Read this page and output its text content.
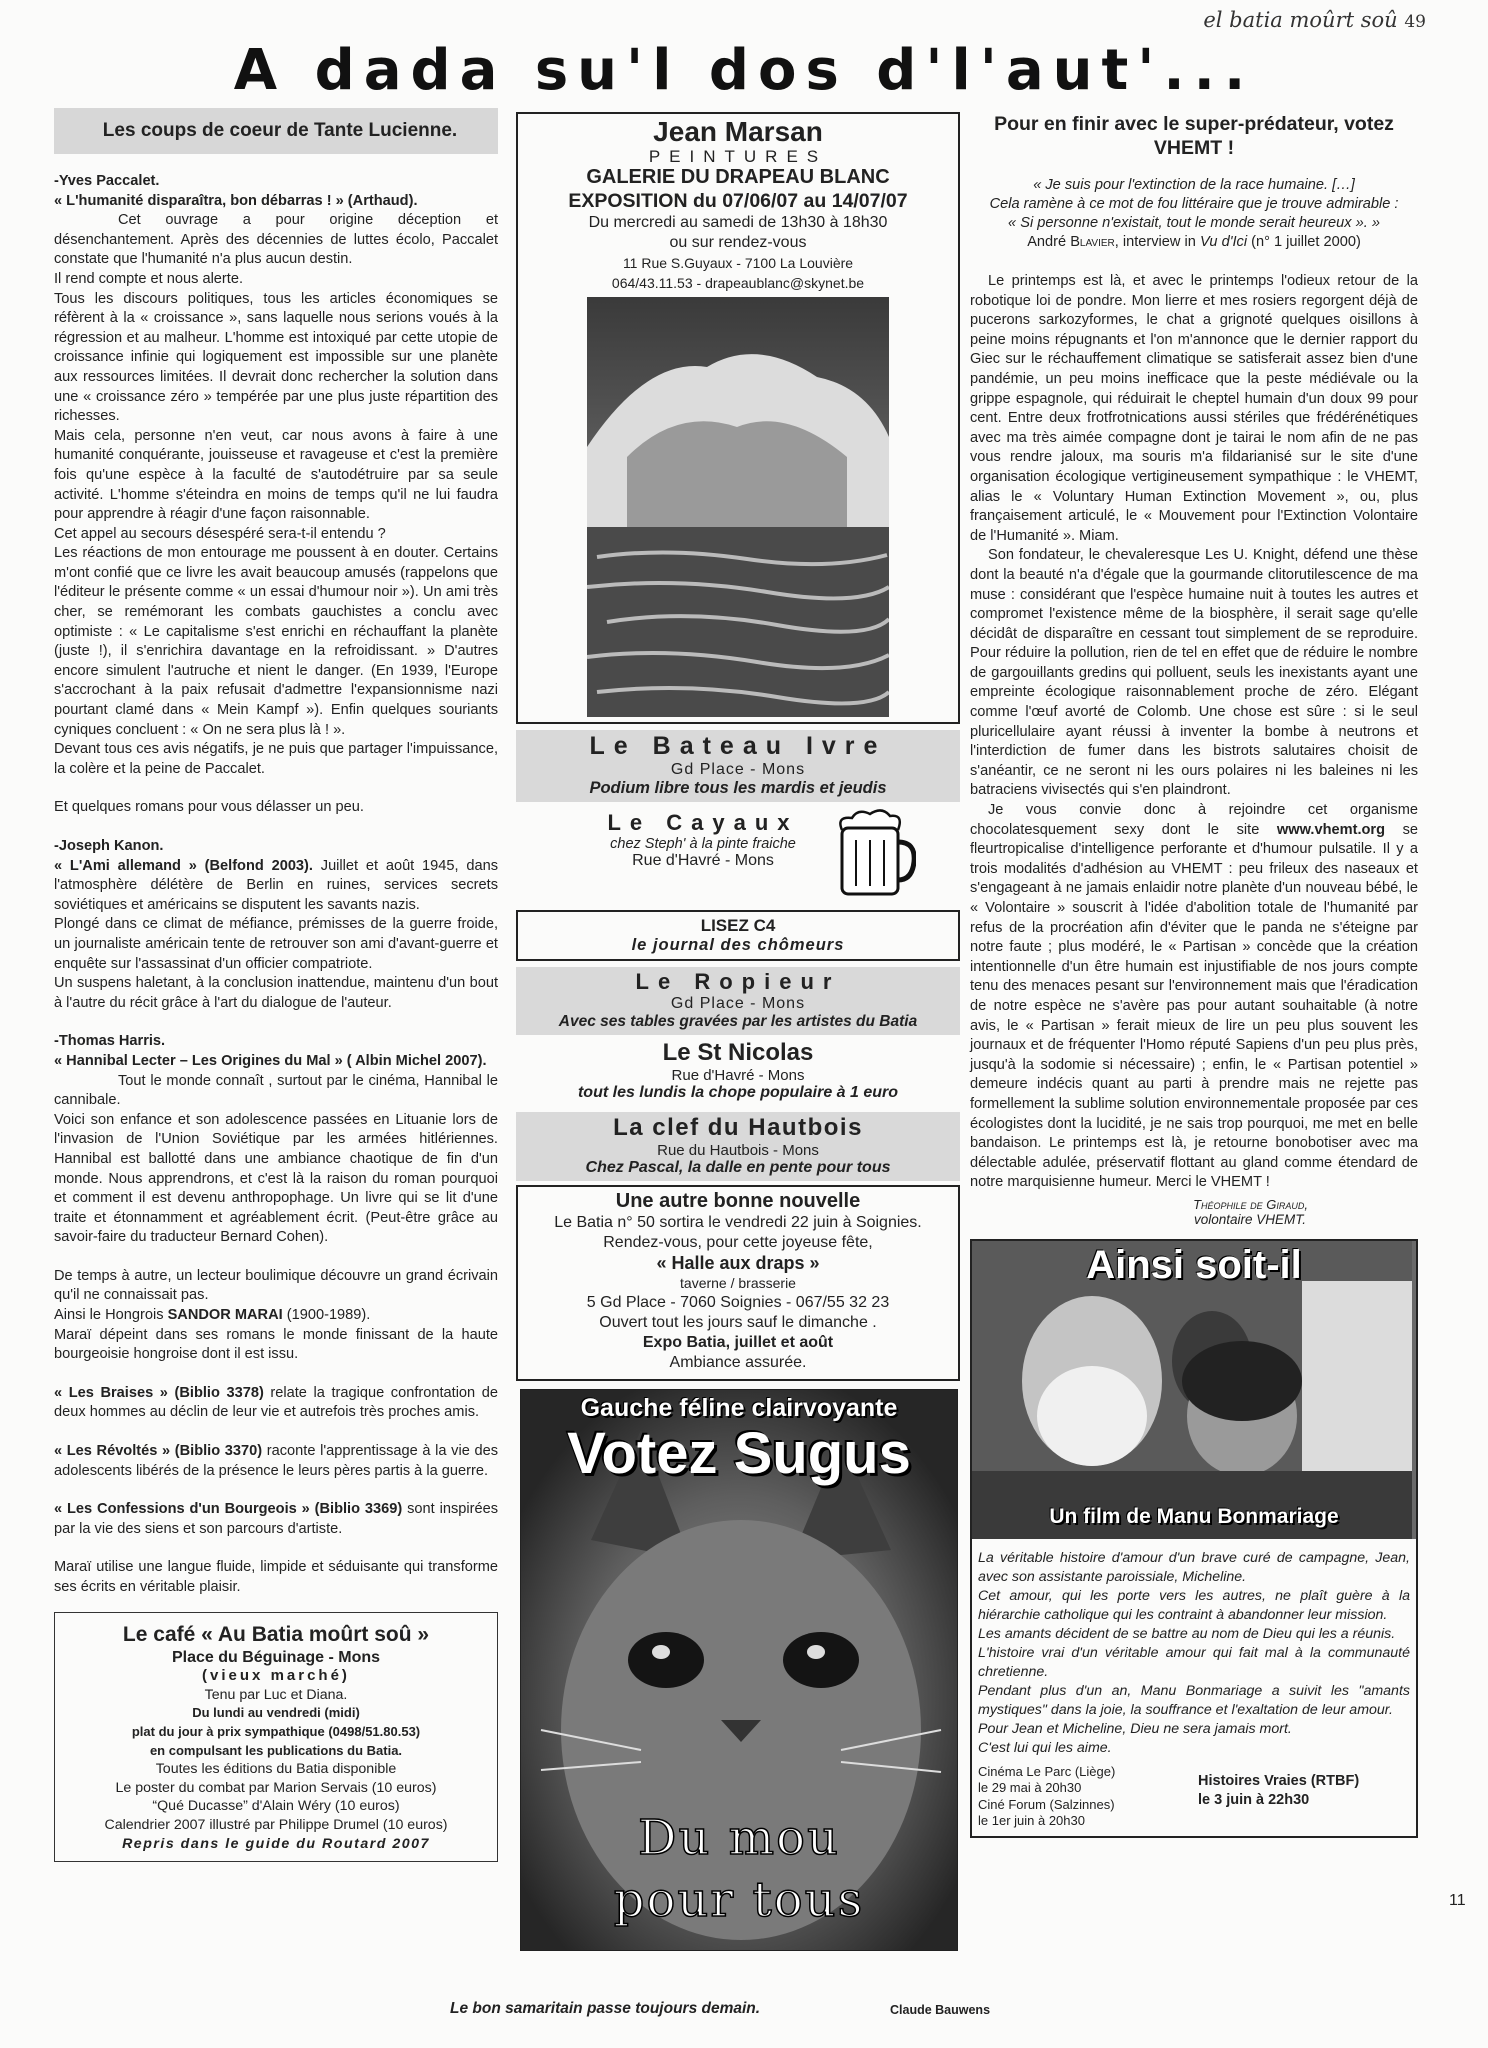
el batia moûrt soû 49
A dada su'l dos d'l'aut'...
Les coups de coeur de Tante Lucienne.

-Yves Paccalet.

« L'humanité disparaîtra, bon débarras ! » (Arthaud).

Cet ouvrage a pour origine déception et désenchantement. Après des décennies de luttes écolo, Paccalet constate que l'humanité n'a plus aucun destin.

Il rend compte et nous alerte.

Tous les discours politiques, tous les articles économiques se réfèrent à la « croissance », sans laquelle nous serions voués à la régression et au malheur. L'homme est intoxiqué par cette utopie de croissance infinie qui logiquement est impossible sur une planète aux ressources limitées. Il devrait donc rechercher la solution dans une « croissance zéro » tempérée par une plus juste répartition des richesses.

Mais cela, personne n'en veut, car nous avons à faire à une humanité conquérante, jouisseuse et ravageuse et c'est la première fois qu'une espèce à la faculté de s'autodétruire par sa seule activité. L'homme s'éteindra en moins de temps qu'il ne lui faudra pour apprendre à réagir d'une façon raisonnable.

Cet appel au secours désespéré sera-t-il entendu ?

Les réactions de mon entourage me poussent à en douter. Certains m'ont confié que ce livre les avait beaucoup amusés (rappelons que l'éditeur le présente comme « un essai d'humour noir »). Un ami très cher, se remémorant les combats gauchistes a conclu avec optimiste : « Le capitalisme s'est enrichi en réchauffant la planète (juste !), il s'enrichira davantage en la refroidissant. » D'autres encore simulent l'autruche et nient le danger. (En 1939, l'Europe s'accrochant à la paix refusait d'admettre l'expansionnisme nazi pourtant clamé dans « Mein Kampf »). Enfin quelques souriants cyniques concluent : « On ne sera plus là ! ».

Devant tous ces avis négatifs, je ne puis que partager l'impuissance, la colère et la peine de Paccalet.

Et quelques romans pour vous délasser un peu.

-Joseph Kanon.

« L'Ami allemand » (Belfond 2003). Juillet et août 1945, dans l'atmosphère délétère de Berlin en ruines, services secrets soviétiques et américains se disputent les savants nazis.

Plongé dans ce climat de méfiance, prémisses de la guerre froide, un journaliste américain tente de retrouver son ami d'avant-guerre et enquête sur l'assassinat d'un officier compatriote.

Un suspens haletant, à la conclusion inattendue, maintenu d'un bout à l'autre du récit grâce à l'art du dialogue de l'auteur.

-Thomas Harris.

« Hannibal Lecter – Les Origines du Mal » ( Albin Michel 2007).

Tout le monde connaît , surtout par le cinéma, Hannibal le cannibale.

Voici son enfance et son adolescence passées en Lituanie lors de l'invasion de l'Union Soviétique par les armées hitlériennes. Hannibal est ballotté dans une ambiance chaotique de fin d'un monde. Nous apprendrons, et c'est là la raison du roman pourquoi et comment il est devenu anthropophage. Un livre qui se lit d'une traite et étonnamment et agréablement écrit. (Peut-être grâce au savoir-faire du traducteur Bernard Cohen).

De temps à autre, un lecteur boulimique découvre un grand écrivain qu'il ne connaissait pas.

Ainsi le Hongrois SANDOR MARAI (1900-1989).

Maraï dépeint dans ses romans le monde finissant de la haute bourgeoisie hongroise dont il est issu.

« Les Braises » (Biblio 3378) relate la tragique confrontation de deux hommes au déclin de leur vie et autrefois très proches amis.

« Les Révoltés » (Biblio 3370) raconte l'apprentissage à la vie des adolescents libérés de la présence le leurs pères partis à la guerre.

« Les Confessions d'un Bourgeois » (Biblio 3369) sont inspirées par la vie des siens et son parcours d'artiste.

Maraï utilise une langue fluide, limpide et séduisante qui transforme ses écrits en véritable plaisir.

Le café « Au Batia moûrt soû »
Place du Béguinage - Mons
(vieux marché)
Tenu par Luc et Diana.
Du lundi au vendredi (midi)
plat du jour à prix sympathique (0498/51.80.53)
en compulsant les publications du Batia.
Toutes les éditions du Batia disponible
Le poster du combat par Marion Servais (10 euros)
“Qué Ducasse” d'Alain Wéry (10 euros)
Calendrier 2007 illustré par Philippe Drumel (10 euros)
Repris dans le guide du Routard 2007
Jean Marsan
PEINTURES
GALERIE DU DRAPEAU BLANC
EXPOSITION du 07/06/07 au 14/07/07
Du mercredi au samedi de 13h30 à 18h30
ou sur rendez-vous
11 Rue S.Guyaux - 7100 La Louvière
064/43.11.53 - drapeaublanc@skynet.be
Le Bateau Ivre
Gd Place - Mons
Podium libre tous les mardis et jeudis
Le Cayaux
chez Steph' à la pinte fraiche
Rue d'Havré - Mons
LISEZ C4
le journal des chômeurs
Le Ropieur
Gd Place - Mons
Avec ses tables gravées par les artistes du Batia
Le St Nicolas
Rue d'Havré - Mons
tout les lundis la chope populaire à 1 euro
La clef du Hautbois
Rue du Hautbois - Mons
Chez Pascal, la dalle en pente pour tous
Une autre bonne nouvelle
Le Batia n° 50 sortira le vendredi 22 juin à Soignies.
Rendez-vous, pour cette joyeuse fête,
« Halle aux draps »
taverne / brasserie
5 Gd Place - 7060 Soignies - 067/55 32 23
Ouvert tout les jours sauf le dimanche .
Expo Batia, juillet et août
Ambiance assurée.
Gauche féline clairvoyante
Votez Sugus
Du mou
pour tous
Pour en finir avec le super-prédateur, votez VHEMT !
« Je suis pour l'extinction de la race humaine. […]
Cela ramène à ce mot de fou littéraire que je trouve admirable :
« Si personne n'existait, tout le monde serait heureux ». »
André Blavier, interview in Vu d'Ici (n° 1 juillet 2000)

Le printemps est là, et avec le printemps l'odieux retour de la robotique loi de pondre. Mon lierre et mes rosiers regorgent déjà de pucerons sarkozyformes, le chat a grignoté quelques oisillons à peine moins répugnants et l'on m'annonce que le dernier rapport du Giec sur le réchauffement climatique se satisferait assez bien d'une pandémie, un peu moins inefficace que la peste médiévale ou la grippe espagnole, qui réduirait le cheptel humain d'un doux 99 pour cent. Entre deux frotfrotnications aussi stériles que frédérénétiques avec ma très aimée compagne dont je tairai le nom afin de ne pas vous rendre jaloux, ma souris m'a fildarianisé sur le site d'une organisation écologique vertigineusement sympathique : le VHEMT, alias le « Voluntary Human Extinction Movement », ou, plus françaisement articulé, le « Mouvement pour l'Extinction Volontaire de l'Humanité ». Miam.

Son fondateur, le chevaleresque Les U. Knight, défend une thèse dont la beauté n'a d'égale que la gourmande clitorutilescence de ma muse : considérant que l'espèce humaine nuit à toutes les autres et compromet l'existence même de la biosphère, il serait sage qu'elle décidât de disparaître en cessant tout simplement de se reproduire. Pour réduire la pollution, rien de tel en effet que de réduire le nombre de gargouillants gredins qui polluent, seuls les inexistants ayant une empreinte écologique raisonnablement proche de zéro. Elégant comme l'œuf avorté de Colomb. Une chose est sûre : si le seul pluricellulaire ayant réussi à inventer la bombe à neutrons et l'interdiction de fumer dans les bistrots salutaires choisit de s'anéantir, ce ne seront ni les ours polaires ni les baleines ni les batraciens vivisectés qui s'en plaindront.

Je vous convie donc à rejoindre cet organisme chocolatesquement sexy dont le site www.vhemt.org se fleurtropicalise d'intelligence perforante et d'humour pulsatile. Il y a trois modalités d'adhésion au VHEMT : peu frileux des naseaux et s'engageant à ne jamais enlaidir notre planète d'un nouveau bébé, le « Volontaire » souscrit à l'idée d'abolition totale de l'humanité par refus de la procréation afin d'éviter que le panda ne s'éteigne par notre faute ; plus modéré, le « Partisan » concède que la création intentionnelle d'un être humain est injustifiable de nos jours compte tenu des menaces pesant sur l'environnement mais que l'éradication de notre espèce ne s'avère pas pour autant souhaitable (à notre avis, le « Partisan » ferait mieux de lire un peu plus souvent les journaux et de fréquenter l'Homo réputé Sapiens d'un peu plus près, jusqu'à la sodomie si nécessaire) ; enfin, le « Partisan potentiel » demeure indécis quant au parti à prendre mais ne rejette pas formellement la sublime solution environnementale proposée par ces écologistes dont la lucidité, je ne sais trop pourquoi, me met en belle bandaison. Le printemps est là, je retourne bonobotiser avec ma délectable adulée, préservatif flottant au gland comme étendard de notre marquisienne humeur. Merci le VHEMT !

Théophile de Giraud,
volontaire VHEMT.
Ainsi soit-il
Un film de Manu Bonmariage
La véritable histoire d'amour d'un brave curé de campagne, Jean, avec son assistante paroissiale, Micheline.
Cet amour, qui les porte vers les autres, ne plaît guère à la hiérarchie catholique qui les contraint à abandonner leur mission.
Les amants décident de se battre au nom de Dieu qui les a réunis.
L'histoire vrai d'un véritable amour qui fait mal à la communauté chretienne.
Pendant plus d'un an, Manu Bonmariage a suivit les "amants mystiques" dans la joie, la souffrance et l'exaltation de leur amour.
Pour Jean et Micheline, Dieu ne sera jamais mort.
C'est lui qui les aime.
Cinéma Le Parc (Liège)
le 29 mai à 20h30
Ciné Forum (Salzinnes)
le 1er juin à 20h30
Histoires Vraies (RTBF)
le 3 juin à 22h30
11
Le bon samaritain passe toujours demain.	Claude Bauwens
